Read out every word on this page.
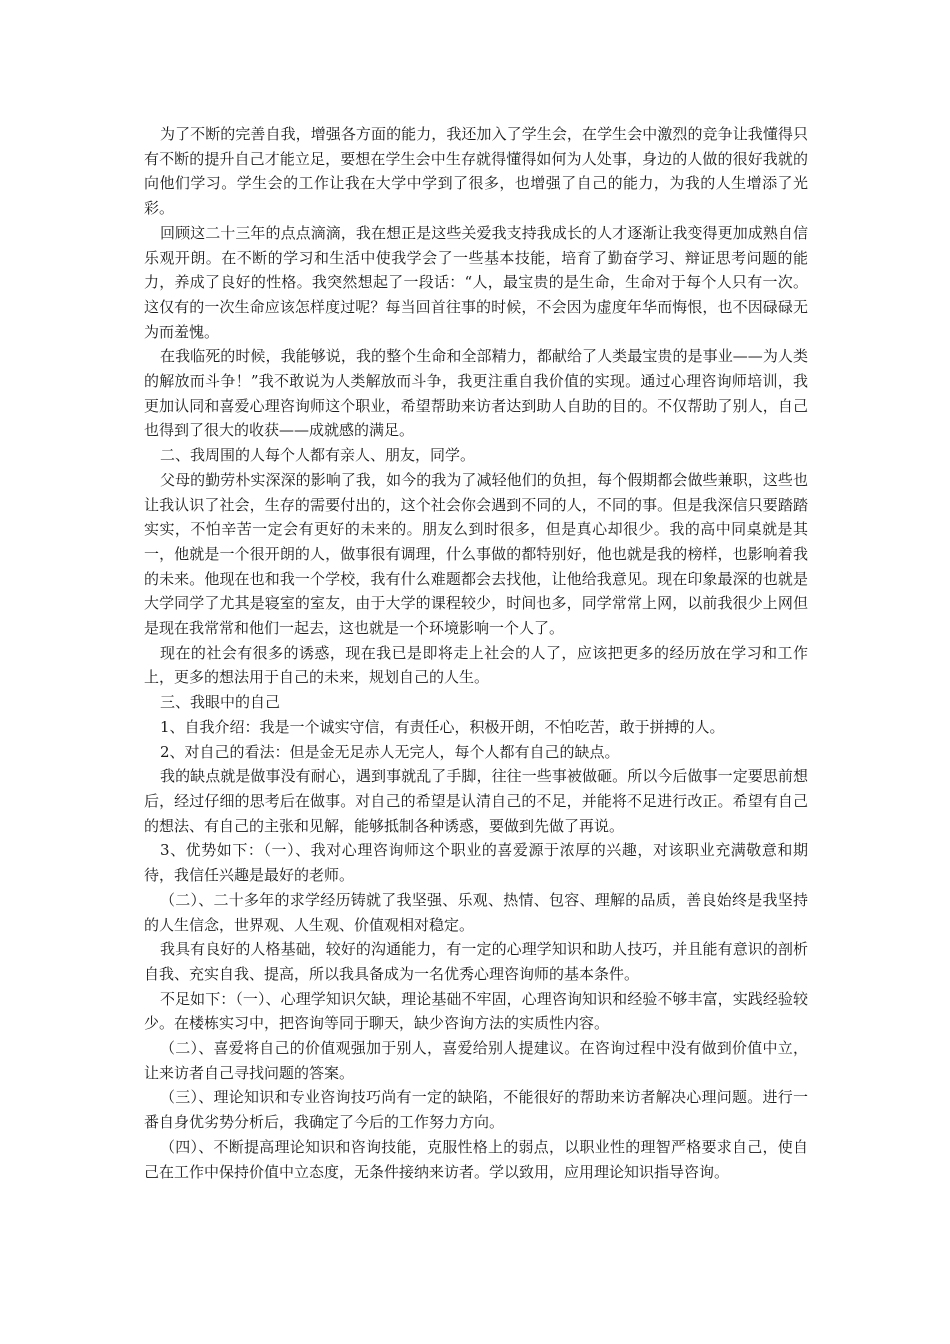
为了不断的完善自我，增强各方面的能力，我还加入了学生会，在学生会中激烈的竞争让我懂得只有不断的提升自己才能立足，要想在学生会中生存就得懂得如何为人处事，身边的人做的很好我就的向他们学习。学生会的工作让我在大学中学到了很多，也增强了自己的能力，为我的人生增添了光彩。

回顾这二十三年的点点滴滴，我在想正是这些关爱我支持我成长的人才逐渐让我变得更加成熟自信乐观开朗。在不断的学习和生活中使我学会了一些基本技能，培育了勤奋学习、辩证思考问题的能力，养成了良好的性格。我突然想起了一段话：“人，最宝贵的是生命，生命对于每个人只有一次。这仅有的一次生命应该怎样度过呢？每当回首往事的时候，不会因为虚度年华而悔恨，也不因碌碌无为而羞愧。

在我临死的时候，我能够说，我的整个生命和全部精力，都献给了人类最宝贵的是事业——为人类的解放而斗争！”我不敢说为人类解放而斗争，我更注重自我价值的实现。通过心理咨询师培训，我更加认同和喜爱心理咨询师这个职业，希望帮助来访者达到助人自助的目的。不仅帮助了别人，自己也得到了很大的收获——成就感的满足。

二、我周围的人每个人都有亲人、朋友，同学。

父母的勤劳朴实深深的影响了我，如今的我为了减轻他们的负担，每个假期都会做些兼职，这些也让我认识了社会，生存的需要付出的，这个社会你会遇到不同的人，不同的事。但是我深信只要踏踏实实，不怕辛苦一定会有更好的未来的。朋友么到时很多，但是真心却很少。我的高中同桌就是其一，他就是一个很开朗的人，做事很有调理，什么事做的都特别好，他也就是我的榜样，也影响着我的未来。他现在也和我一个学校，我有什么难题都会去找他，让他给我意见。现在印象最深的也就是大学同学了尤其是寝室的室友，由于大学的课程较少，时间也多，同学常常上网，以前我很少上网但是现在我常常和他们一起去，这也就是一个环境影响一个人了。

现在的社会有很多的诱惑，现在我已是即将走上社会的人了，应该把更多的经历放在学习和工作上，更多的想法用于自己的未来，规划自己的人生。

三、我眼中的自己

1、自我介绍：我是一个诚实守信，有责任心，积极开朗，不怕吃苦，敢于拼搏的人。

2、对自己的看法：但是金无足赤人无完人，每个人都有自己的缺点。

我的缺点就是做事没有耐心，遇到事就乱了手脚，往往一些事被做砸。所以今后做事一定要思前想后，经过仔细的思考后在做事。对自己的希望是认清自己的不足，并能将不足进行改正。希望有自己的想法、有自己的主张和见解，能够抵制各种诱惑，要做到先做了再说。

3、优势如下：（一）、我对心理咨询师这个职业的喜爱源于浓厚的兴趣，对该职业充满敬意和期待，我信任兴趣是最好的老师。

（二）、二十多年的求学经历铸就了我坚强、乐观、热情、包容、理解的品质，善良始终是我坚持的人生信念，世界观、人生观、价值观相对稳定。

我具有良好的人格基础，较好的沟通能力，有一定的心理学知识和助人技巧，并且能有意识的剖析自我、充实自我、提高，所以我具备成为一名优秀心理咨询师的基本条件。

不足如下：（一）、心理学知识欠缺，理论基础不牢固，心理咨询知识和经验不够丰富，实践经验较少。在楼栋实习中，把咨询等同于聊天，缺少咨询方法的实质性内容。

（二）、喜爱将自己的价值观强加于别人，喜爱给别人提建议。在咨询过程中没有做到价值中立，让来访者自己寻找问题的答案。

（三）、理论知识和专业咨询技巧尚有一定的缺陷，不能很好的帮助来访者解决心理问题。进行一番自身优劣势分析后，我确定了今后的工作努力方向。

（四）、不断提高理论知识和咨询技能，克服性格上的弱点，以职业性的理智严格要求自己，使自己在工作中保持价值中立态度，无条件接纳来访者。学以致用，应用理论知识指导咨询。
